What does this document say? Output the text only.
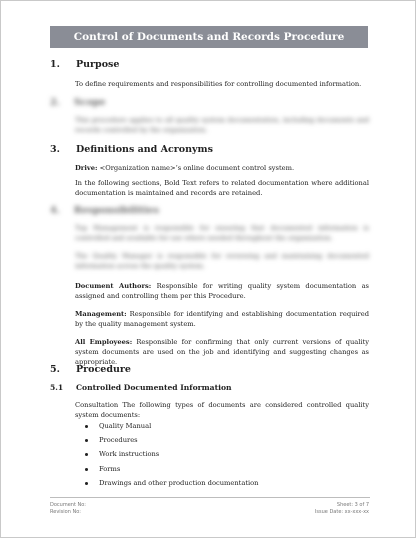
Control of Documents and Records Procedure
1. Purpose
To define requirements and responsibilities for controlling documented information.
2. Scope
This procedure applies to all quality system documentation, including documents and records controlled by the organization.
3. Definitions and Acronyms
Drive: <Organization name>’s online document control system.
In the following sections, Bold Text refers to related documentation where additional documentation is maintained and records are retained.
4. Responsibilities
Top Management is responsible for ensuring that documented information is controlled and available for use where needed throughout the organization.
The Quality Manager is responsible for reviewing and maintaining documented information across the quality system.
Document Authors: Responsible for writing quality system documentation as assigned and controlling them per this Procedure.
Management: Responsible for identifying and establishing documentation required by the quality management system.
All Employees: Responsible for confirming that only current versions of quality system documents are used on the job and identifying and suggesting changes as appropriate.
5. Procedure
5.1 Controlled Documented Information
Consultation The following types of documents are considered controlled quality system documents:
Quality Manual
Procedures
Work instructions
Forms
Drawings and other production documentation
Document No:
Revision No:
Sheet: 3 of 7
Issue Date: xx-xxx-xx
